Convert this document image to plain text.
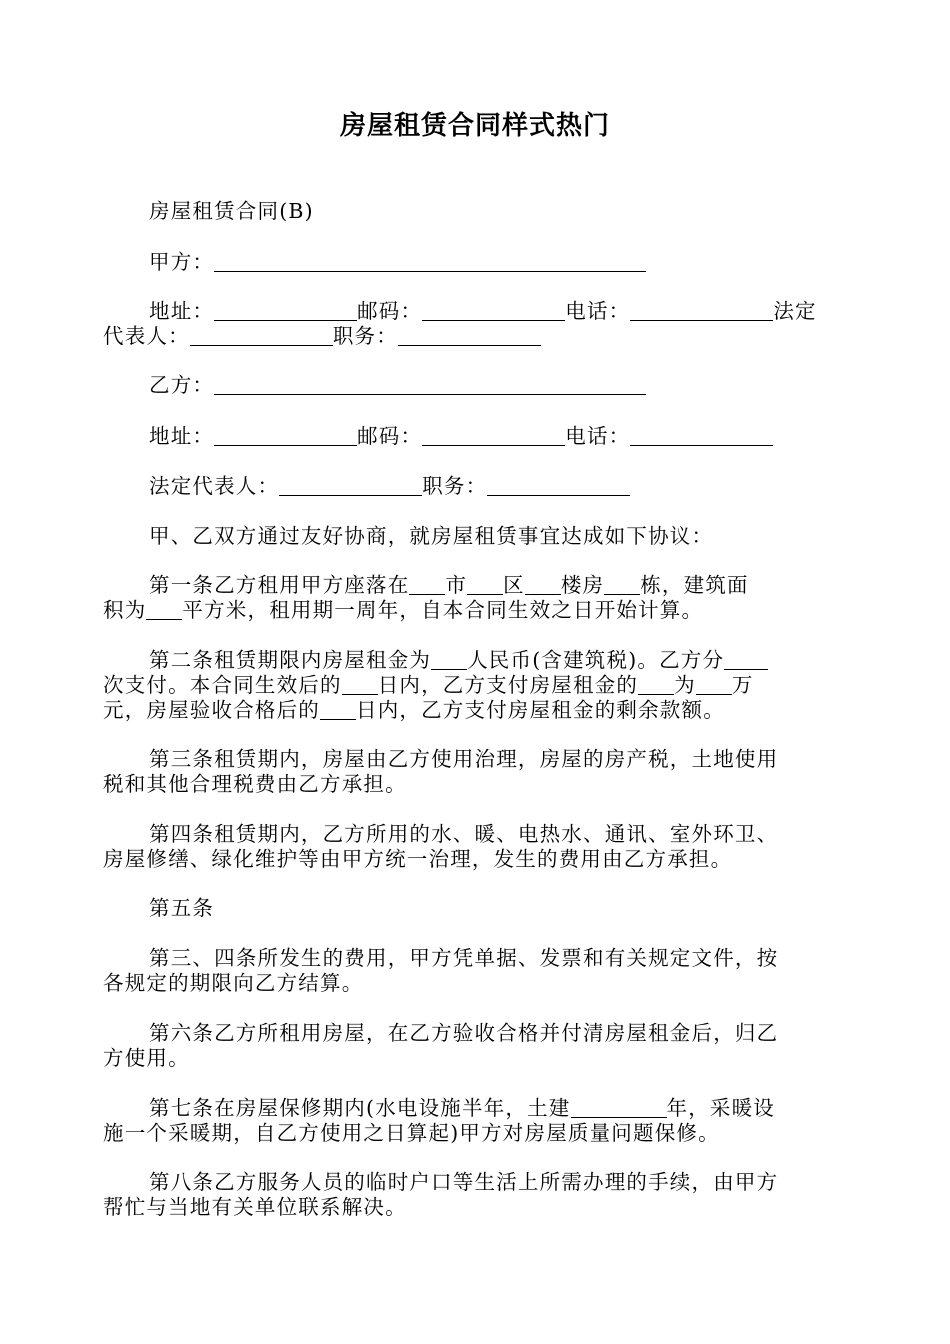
房屋租赁合同样式热门
房屋租赁合同(B)
甲方：
地址：	邮码：	电话：	法定
代表人：	职务：
乙方：
地址：	邮码：	电话：
法定代表人：	职务：
甲、乙双方通过友好协商，就房屋租赁事宜达成如下协议：
第一条乙方租用甲方座落在 市 区 楼房 栋，建筑面
积为 平方米，租用期一周年，自本合同生效之日开始计算。
第二条租赁期限内房屋租金为 人民币(含建筑税)。乙方分
次支付。本合同生效后的 日内，乙方支付房屋租金的 为 万
元，房屋验收合格后的 日内，乙方支付房屋租金的剩余款额。
第三条租赁期内，房屋由乙方使用治理，房屋的房产税，土地使用
税和其他合理税费由乙方承担。
第四条租赁期内，乙方所用的水、暖、电热水、通讯、室外环卫、
房屋修缮、绿化维护等由甲方统一治理，发生的费用由乙方承担。
第五条
第三、四条所发生的费用，甲方凭单据、发票和有关规定文件，按
各规定的期限向乙方结算。
第六条乙方所租用房屋，在乙方验收合格并付清房屋租金后，归乙
方使用。
第七条在房屋保修期内(水电设施半年，土建	年，采暖设
施一个采暖期，自乙方使用之日算起)甲方对房屋质量问题保修。
第八条乙方服务人员的临时户口等生活上所需办理的手续，由甲方
帮忙与当地有关单位联系解决。
